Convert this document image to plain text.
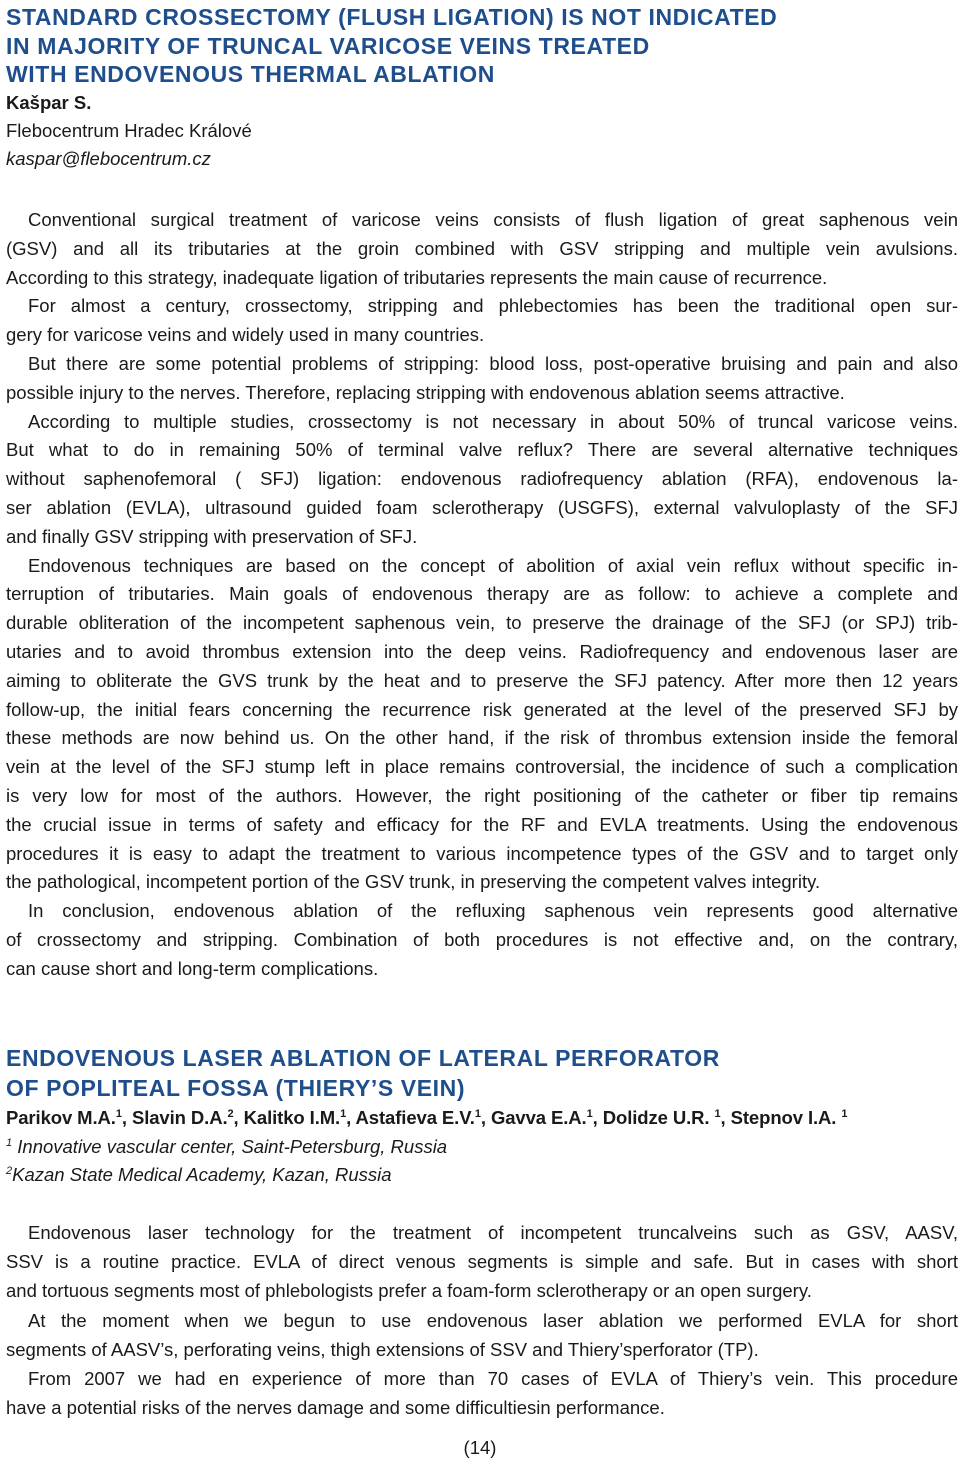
STANDARD CROSSECTOMY (FLUSH LIGATION) IS NOT INDICATED
IN MAJORITY OF TRUNCAL VARICOSE VEINS TREATED
WITH ENDOVENOUS THERMAL ABLATION
Kašpar S.
Flebocentrum Hradec Králové
kaspar@flebocentrum.cz
Conventional surgical treatment of varicose veins consists of flush ligation of great saphenous vein
(GSV) and all its tributaries at the groin combined with GSV stripping and multiple vein avulsions.
According to this strategy, inadequate ligation of tributaries represents the main cause of recurrence.
For almost a century, crossectomy, stripping and phlebectomies has been the traditional open sur-
gery for varicose veins and widely used in many countries.
But there are some potential problems of stripping: blood loss, post-operative bruising and pain and also
possible injury to the nerves. Therefore, replacing stripping with endovenous ablation seems attractive.
According to multiple studies, crossectomy is not necessary in about 50% of truncal varicose veins.
But what to do in remaining 50% of terminal valve reflux? There are several alternative techniques
without saphenofemoral ( SFJ) ligation: endovenous radiofrequency ablation (RFA), endovenous la-
ser ablation (EVLA), ultrasound guided foam sclerotherapy (USGFS), external valvuloplasty of the SFJ
and finally GSV stripping with preservation of SFJ.
Endovenous techniques are based on the concept of abolition of axial vein reflux without specific in-
terruption of tributaries. Main goals of endovenous therapy are as follow: to achieve a complete and
durable obliteration of the incompetent saphenous vein, to preserve the drainage of the SFJ (or SPJ) trib-
utaries and to avoid thrombus extension into the deep veins. Radiofrequency and endovenous laser are
aiming to obliterate the GVS trunk by the heat and to preserve the SFJ patency. After more then 12 years
follow-up, the initial fears concerning the recurrence risk generated at the level of the preserved SFJ by
these methods are now behind us. On the other hand, if the risk of thrombus extension inside the femoral
vein at the level of the SFJ stump left in place remains controversial, the incidence of such a complication
is very low for most of the authors. However, the right positioning of the catheter or fiber tip remains
the crucial issue in terms of safety and efficacy for the RF and EVLA treatments. Using the endovenous
procedures it is easy to adapt the treatment to various incompetence types of the GSV and to target only
the pathological, incompetent portion of the GSV trunk, in preserving the competent valves integrity.
In conclusion, endovenous ablation of the refluxing saphenous vein represents good alternative
of crossectomy and stripping. Combination of both procedures is not effective and, on the contrary,
can cause short and long-term complications.
ENDOVENOUS LASER ABLATION OF LATERAL PERFORATOR
OF POPLITEAL FOSSA (THIERY’S VEIN)
Parikov M.A.$^1$, Slavin D.A.$^2$, Kalitko I.M.$^1$, Astafieva E.V.$^1$, Gavva E.A.$^1$, Dolidze U.R. $^1$, Stepnov I.A. $^1$
$^1$ Innovative vascular center, Saint-Petersburg, Russia
$^2$Kazan State Medical Academy, Kazan, Russia
Endovenous laser technology for the treatment of incompetent truncalveins such as GSV, AASV,
SSV is a routine practice. EVLA of direct venous segments is simple and safe. But in cases with short
and tortuous segments most of phlebologists prefer a foam-form sclerotherapy or an open surgery.
At the moment when we begun to use endovenous laser ablation we performed EVLA for short
segments of AASV’s, perforating veins, thigh extensions of SSV and Thiery’sperforator (TP).
From 2007 we had en experience of more than 70 cases of EVLA of Thiery’s vein. This procedure
have a potential risks of the nerves damage and some difficultiesin performance.
(14)
